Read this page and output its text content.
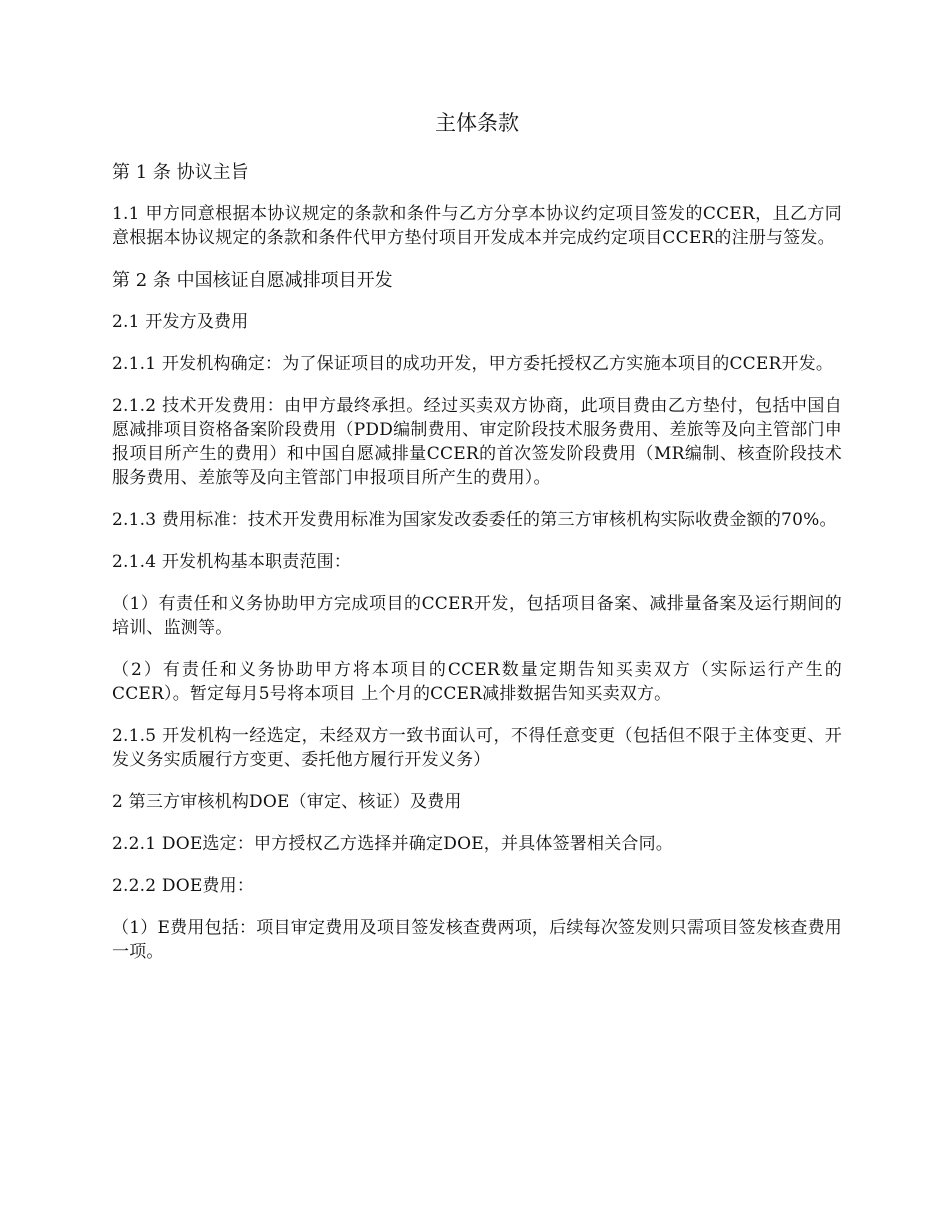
主体条款
第 1 条 协议主旨
1.1 甲方同意根据本协议规定的条款和条件与乙方分享本协议约定项目签发的CCER，且乙方同意根据本协议规定的条款和条件代甲方垫付项目开发成本并完成约定项目CCER的注册与签发。
第 2 条 中国核证自愿减排项目开发
2.1 开发方及费用
2.1.1 开发机构确定：为了保证项目的成功开发，甲方委托授权乙方实施本项目的CCER开发。
2.1.2 技术开发费用：由甲方最终承担。经过买卖双方协商，此项目费由乙方垫付，包括中国自愿减排项目资格备案阶段费用（PDD编制费用、审定阶段技术服务费用、差旅等及向主管部门申报项目所产生的费用）和中国自愿减排量CCER的首次签发阶段费用（MR编制、核查阶段技术服务费用、差旅等及向主管部门申报项目所产生的费用）。
2.1.3 费用标准：技术开发费用标准为国家发改委委任的第三方审核机构实际收费金额的70%。
2.1.4 开发机构基本职责范围：
（1）有责任和义务协助甲方完成项目的CCER开发，包括项目备案、减排量备案及运行期间的培训、监测等。
（2）有责任和义务协助甲方将本项目的CCER数量定期告知买卖双方（实际运行产生的CCER）。暂定每月5号将本项目 上个月的CCER减排数据告知买卖双方。
2.1.5 开发机构一经选定，未经双方一致书面认可，不得任意变更（包括但不限于主体变更、开发义务实质履行方变更、委托他方履行开发义务）
2 第三方审核机构DOE（审定、核证）及费用
2.2.1 DOE选定：甲方授权乙方选择并确定DOE，并具体签署相关合同。
2.2.2 DOE费用：
（1）E费用包括：项目审定费用及项目签发核查费两项，后续每次签发则只需项目签发核查费用一项。
